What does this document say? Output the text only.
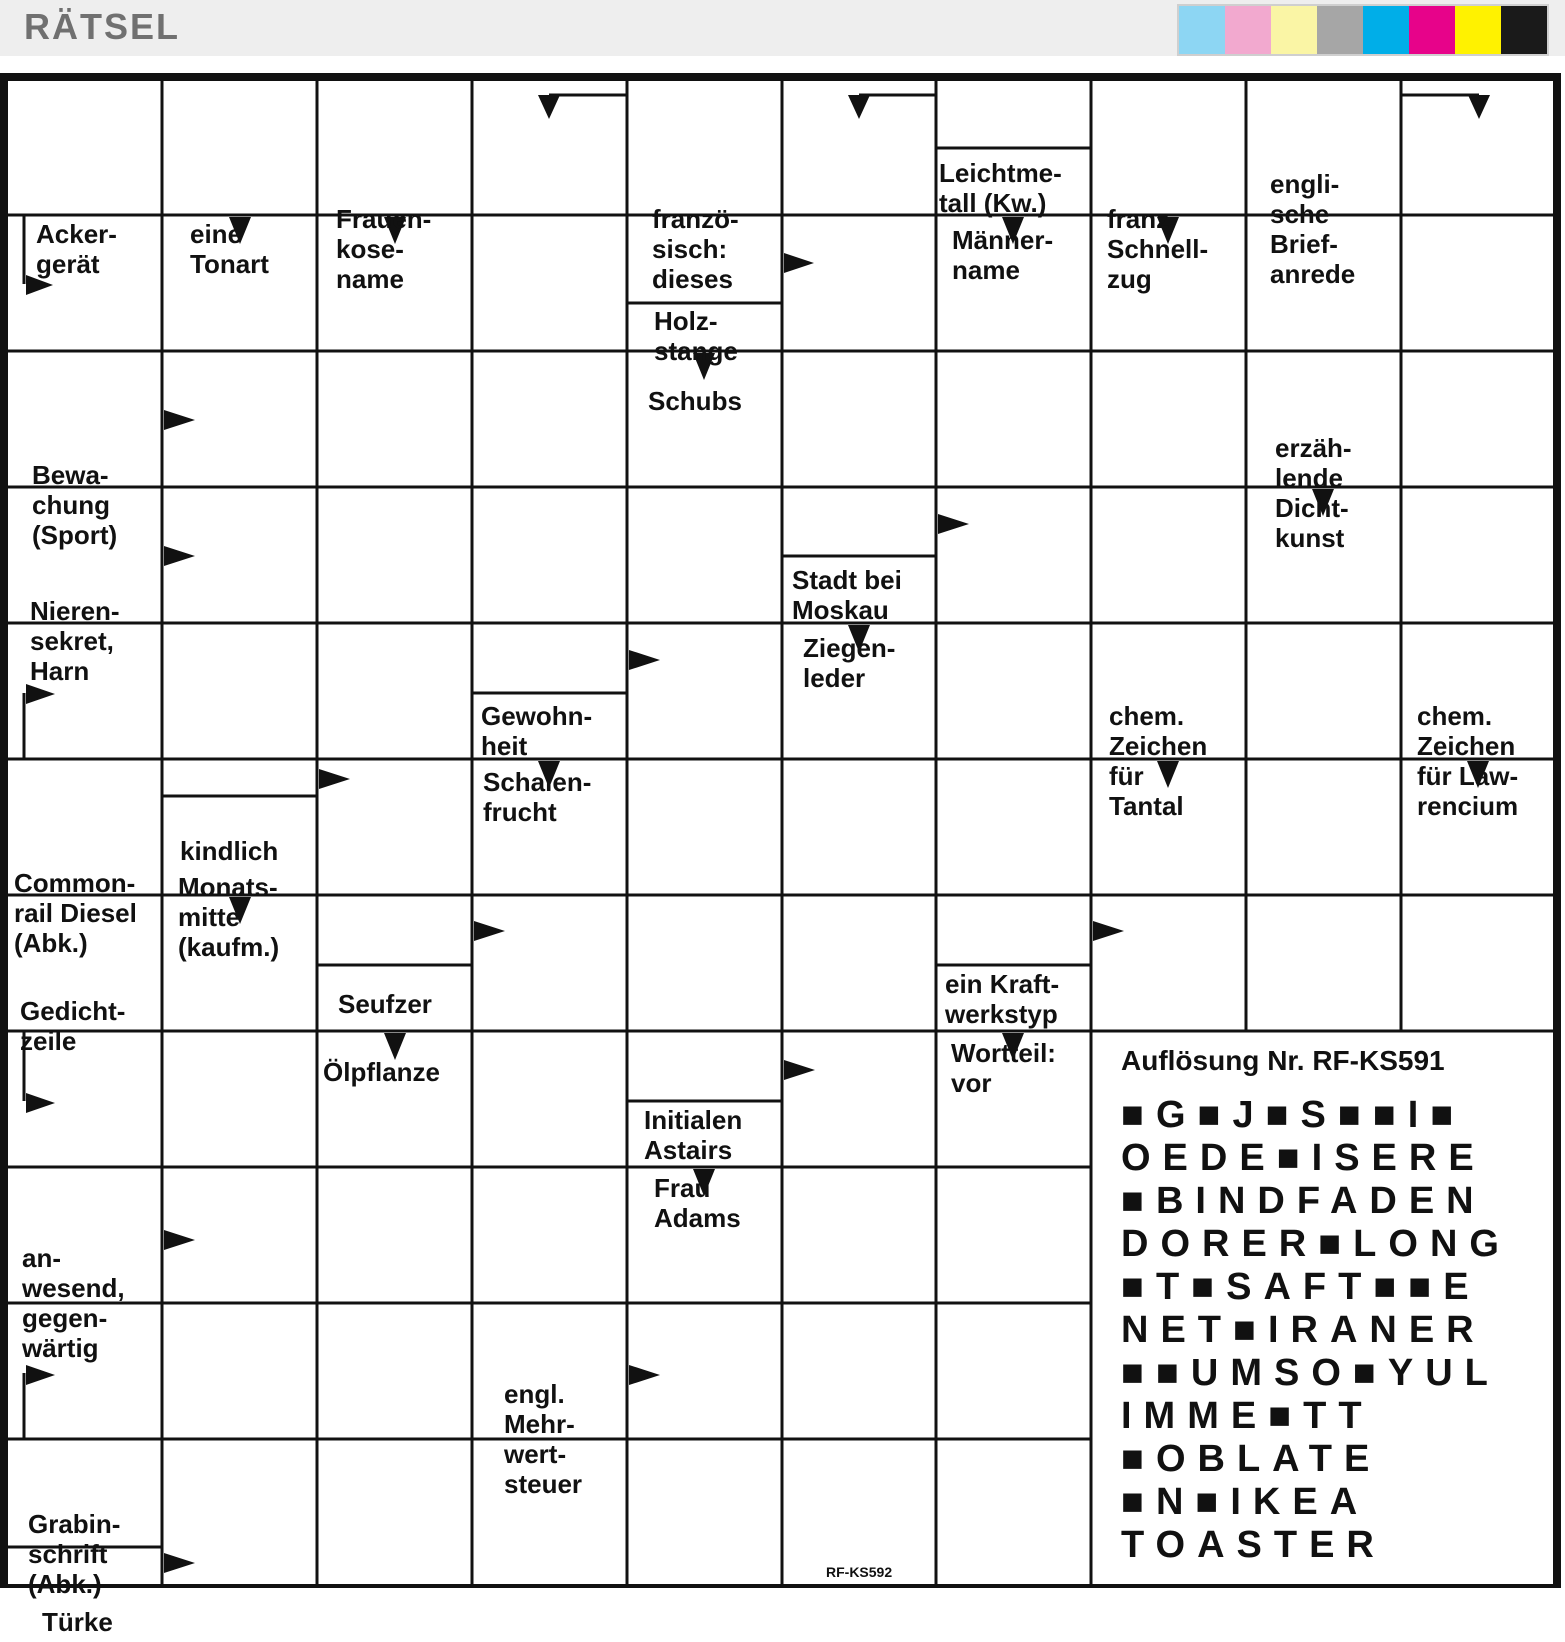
RÄTSEL
Acker-
gerät
eine
Tonart
Frauen-
kose-
name
franzö-
sisch:
dieses
Leichtme-
tall (Kw.)
Männer-
name
franz.
Schnell-
zug
engli-
sche
Brief-
anrede
Holz-
stange
Schubs
Bewa-
chung
(Sport)
erzäh-
lende
Dicht-
kunst
Nieren-
sekret,
Harn
Stadt bei
Moskau
Ziegen-
leder
Gewohn-
heit
Schalen-
frucht
chem.
Zeichen
für
Tantal
chem.
Zeichen
für Law-
rencium
Common-
rail Diesel
(Abk.)
kindlich
Monats-
mitte
(kaufm.)
Gedicht-
zeile
Seufzer
Ölpflanze
ein Kraft-
werkstyp
Wortteil:
vor
Initialen
Astairs
Frau
Adams
an-
wesend,
gegen-
wärtig
engl.
Mehr-
wert-
steuer
Grabin-
schrift
(Abk.)
Türke
Auflösung Nr. RF-KS591
■G■J■S■■I■
OEDE■ISERE
■BINDFADEN
DORER■LONG
■T■SAFT■■E
NET■IRANER
■■UMSO■YUL
IMME■TT
■OBLATE
■N■IKEA
TOASTER
RF-KS592
